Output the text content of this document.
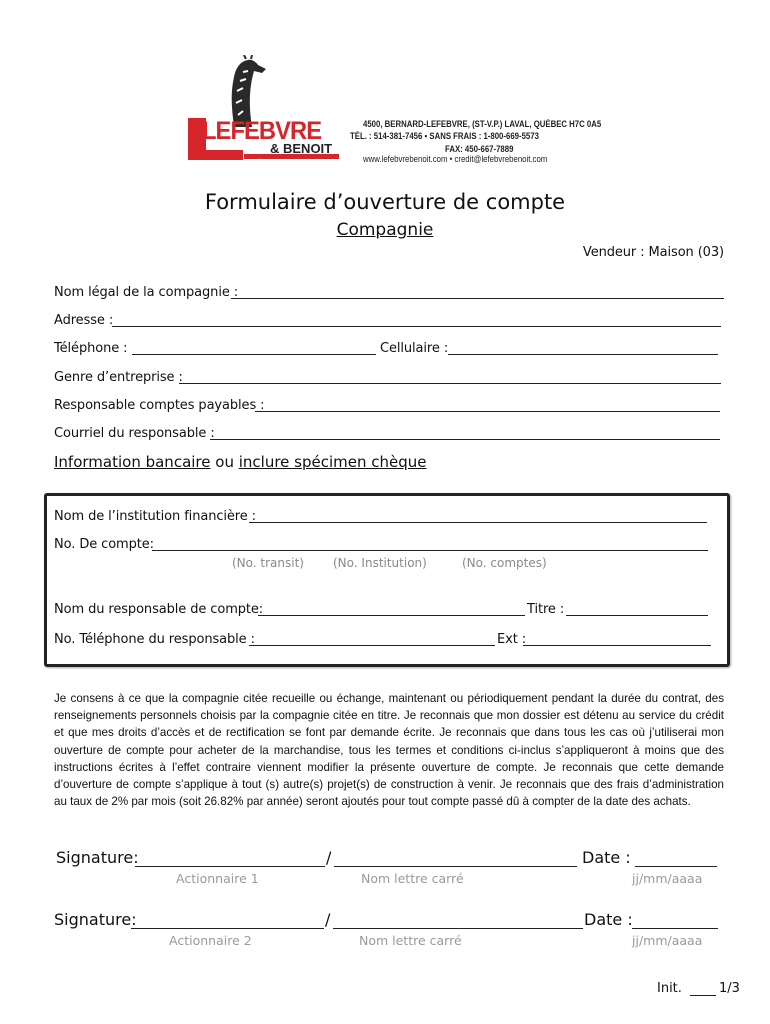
LEFEBVRE
& BENOIT
MATÉRIAUX DE CONSTRUCTION
4500, BERNARD-LEFEBVRE, (ST-V.P.) LAVAL, QUÉBEC H7C 0A5
TÉL. : 514-381-7456 • SANS FRAIS : 1-800-669-5573
FAX: 450-667-7889
www.lefebvrebenoit.com • credit@lefebvrebenoit.com
Formulaire d’ouverture de compte
Compagnie
Vendeur : Maison (03)
Nom légal de la compagnie :
Adresse :
Téléphone :	Cellulaire :
Genre d’entreprise :
Responsable comptes payables :
Courriel du responsable :
Information bancaire ou inclure spécimen chèque
Nom de l’institution financière :
No. De compte:
(No. transit) (No. Institution)	(No. comptes)
Nom du responsable de compte:	Titre :
No. Téléphone du responsable :	Ext :
Je consens à ce que la compagnie citée recueille ou échange, maintenant ou périodiquement pendant la durée du contrat, des renseignements personnels choisis par la compagnie citée en titre. Je reconnais que mon dossier est détenu au service du crédit et que mes droits d’accès et de rectification se font par demande écrite. Je reconnais que dans tous les cas où j’utiliserai mon ouverture de compte pour acheter de la marchandise, tous les termes et conditions ci-inclus s’appliqueront à moins que des instructions écrites à l’effet contraire viennent modifier la présente ouverture de compte. Je reconnais que cette demande d’ouverture de compte s’applique à tout (s) autre(s) projet(s) de construction à venir. Je reconnais que des frais d’administration au taux de 2% par mois (soit 26.82% par année) seront ajoutés pour tout compte passé dû à compter de la date des achats.
Signature:	/	Date :
Actionnaire 1	Nom lettre carré	jj/mm/aaaa
Signature:	/	Date :
Actionnaire 2	Nom lettre carré	jj/mm/aaaa
Init.	1/3
